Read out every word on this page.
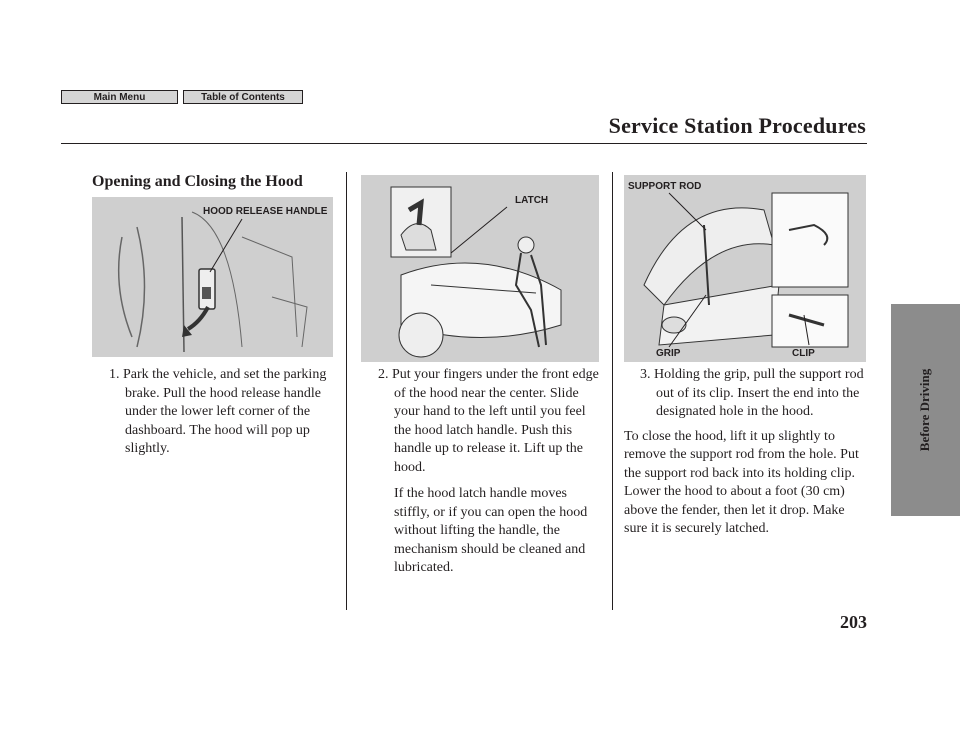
Main Menu	Table of Contents
Service Station Procedures
Before Driving
Opening and Closing the Hood
HOOD RELEASE HANDLE
LATCH
SUPPORT ROD
GRIP	CLIP

1. Park the vehicle, and set the parking brake. Pull the hood release handle under the lower left corner of the dashboard. The hood will pop up slightly.

2. Put your fingers under the front edge of the hood near the center. Slide your hand to the left until you feel the hood latch handle. Push this handle up to release it. Lift up the hood.

If the hood latch handle moves stiffly, or if you can open the hood without lifting the handle, the mechanism should be cleaned and lubricated.

3. Holding the grip, pull the support rod out of its clip. Insert the end into the designated hole in the hood.

To close the hood, lift it up slightly to remove the support rod from the hole. Put the support rod back into its holding clip. Lower the hood to about a foot (30 cm) above the fender, then let it drop. Make sure it is securely latched.

203
